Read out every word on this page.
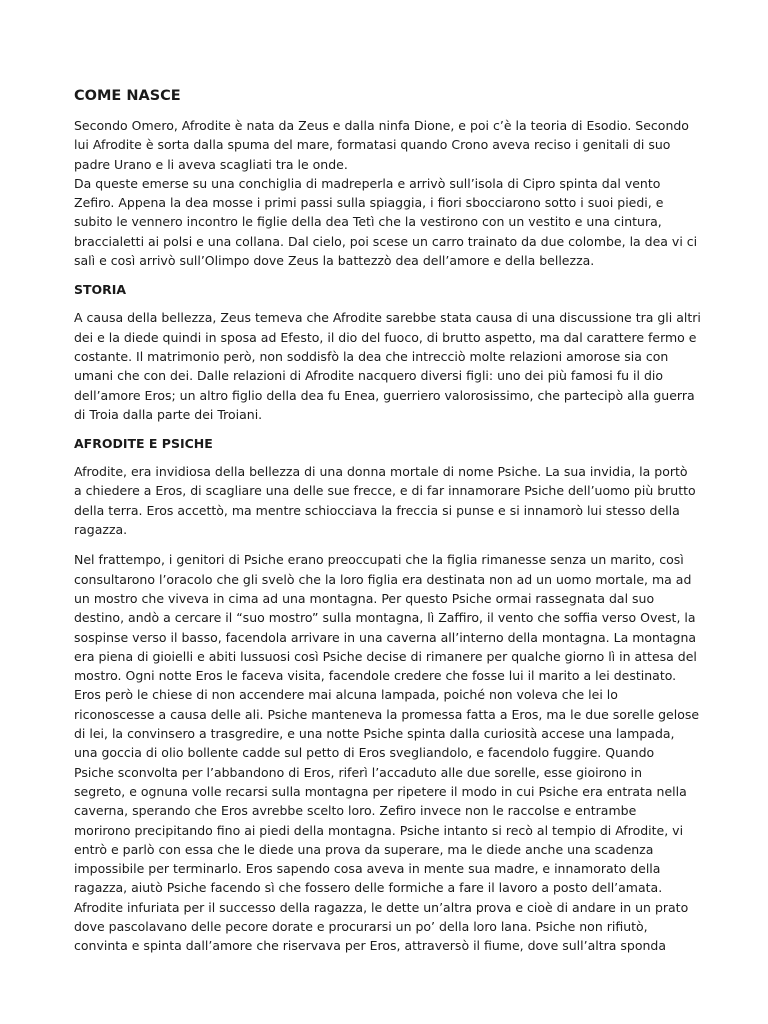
COME NASCE
Secondo Omero, Afrodite è nata da Zeus e dalla ninfa Dione, e poi c’è la teoria di Esodio. Secondo
lui Afrodite è sorta dalla spuma del mare, formatasi quando Crono aveva reciso i genitali di suo
padre Urano e li aveva scagliati tra le onde.
Da queste emerse su una conchiglia di madreperla e arrivò sull’isola di Cipro spinta dal vento
Zefiro. Appena la dea mosse i primi passi sulla spiaggia, i fiori sbocciarono sotto i suoi piedi, e
subito le vennero incontro le figlie della dea Tetì che la vestirono con un vestito e una cintura,
braccialetti ai polsi e una collana. Dal cielo, poi scese un carro trainato da due colombe, la dea vi ci
salì e così arrivò sull’Olimpo dove Zeus la battezzò dea dell’amore e della bellezza.
STORIA
A causa della bellezza, Zeus temeva che Afrodite sarebbe stata causa di una discussione tra gli altri
dei e la diede quindi in sposa ad Efesto, il dio del fuoco, di brutto aspetto, ma dal carattere fermo e
costante. Il matrimonio però, non soddisfò la dea che intrecciò molte relazioni amorose sia con
umani che con dei. Dalle relazioni di Afrodite nacquero diversi figli: uno dei più famosi fu il dio
dell’amore Eros; un altro figlio della dea fu Enea, guerriero valorosissimo, che partecipò alla guerra
di Troia dalla parte dei Troiani.
AFRODITE E PSICHE
Afrodite, era invidiosa della bellezza di una donna mortale di nome Psiche. La sua invidia, la portò
a chiedere a Eros, di scagliare una delle sue frecce, e di far innamorare Psiche dell’uomo più brutto
della terra. Eros accettò, ma mentre schiocciava la freccia si punse e si innamorò lui stesso della
ragazza.
Nel frattempo, i genitori di Psiche erano preoccupati che la figlia rimanesse senza un marito, così
consultarono l’oracolo che gli svelò che la loro figlia era destinata non ad un uomo mortale, ma ad
un mostro che viveva in cima ad una montagna. Per questo Psiche ormai rassegnata dal suo
destino, andò a cercare il “suo mostro” sulla montagna, lì Zaffiro, il vento che soffia verso Ovest, la
sospinse verso il basso, facendola arrivare in una caverna all’interno della montagna. La montagna
era piena di gioielli e abiti lussuosi così Psiche decise di rimanere per qualche giorno lì in attesa del
mostro. Ogni notte Eros le faceva visita, facendole credere che fosse lui il marito a lei destinato.
Eros però le chiese di non accendere mai alcuna lampada, poiché non voleva che lei lo
riconoscesse a causa delle ali. Psiche manteneva la promessa fatta a Eros, ma le due sorelle gelose
di lei, la convinsero a trasgredire, e una notte Psiche spinta dalla curiosità accese una lampada,
una goccia di olio bollente cadde sul petto di Eros svegliandolo, e facendolo fuggire. Quando
Psiche sconvolta per l’abbandono di Eros, riferì l’accaduto alle due sorelle, esse gioirono in
segreto, e ognuna volle recarsi sulla montagna per ripetere il modo in cui Psiche era entrata nella
caverna, sperando che Eros avrebbe scelto loro. Zefiro invece non le raccolse e entrambe
morirono precipitando fino ai piedi della montagna. Psiche intanto si recò al tempio di Afrodite, vi
entrò e parlò con essa che le diede una prova da superare, ma le diede anche una scadenza
impossibile per terminarlo. Eros sapendo cosa aveva in mente sua madre, e innamorato della
ragazza, aiutò Psiche facendo sì che fossero delle formiche a fare il lavoro a posto dell’amata.
Afrodite infuriata per il successo della ragazza, le dette un’altra prova e cioè di andare in un prato
dove pascolavano delle pecore dorate e procurarsi un po’ della loro lana. Psiche non rifiutò,
convinta e spinta dall’amore che riservava per Eros, attraversò il fiume, dove sull’altra sponda
